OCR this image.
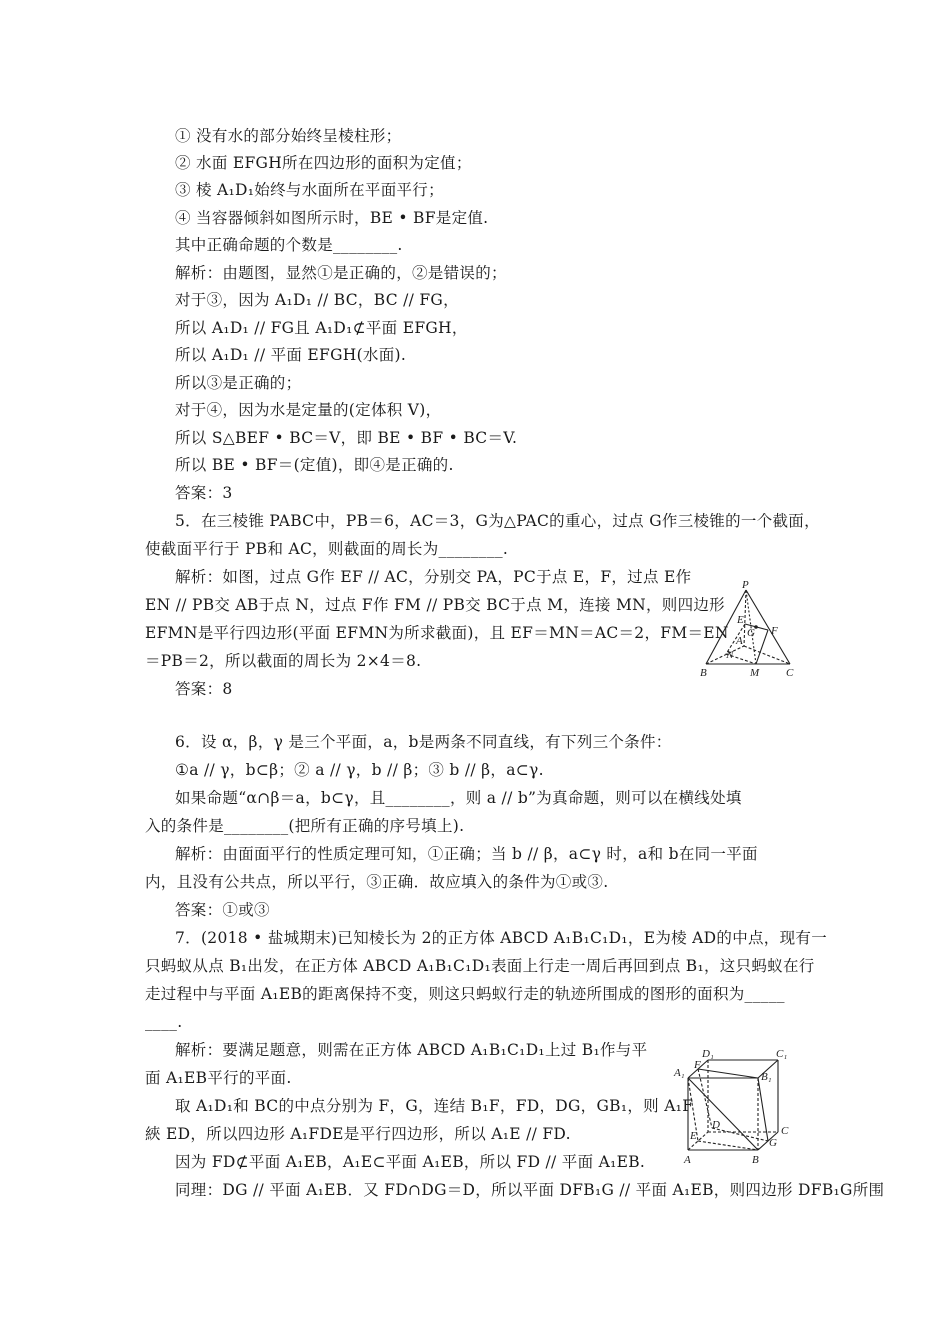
① 没有水的部分始终呈棱柱形；
② 水面 EFGH所在四边形的面积为定值；
③ 棱 A₁D₁始终与水面所在平面平行；
④ 当容器倾斜如图所示时，BE • BF是定值.
其中正确命题的个数是________.
解析：由题图，显然①是正确的，②是错误的；
对于③，因为 A₁D₁ // BC，BC // FG，
所以 A₁D₁ // FG且 A₁D₁⊄平面 EFGH，
所以 A₁D₁ // 平面 EFGH(水面).
所以③是正确的；
对于④，因为水是定量的(定体积 V)，
所以 S△BEF • BC＝V，即 BE • BF • BC＝V.
所以 BE • BF＝(定值)，即④是正确的.
答案：3
5．在三棱锥 PABC中，PB＝6，AC＝3，G为△PAC的重心，过点 G作三棱锥的一个截面，
使截面平行于 PB和 AC，则截面的周长为________.
解析：如图，过点 G作 EF // AC，分别交 PA，PC于点 E，F，过点 E作
EN // PB交 AB于点 N，过点 F作 FM // PB交 BC于点 M，连接 MN，则四边形
EFMN是平行四边形(平面 EFMN为所求截面)，且 EF＝MN＝AC＝2，FM＝EN
＝PB＝2，所以截面的周长为 2×4＝8.
答案：8
6．设 α，β，γ 是三个平面，a，b是两条不同直线，有下列三个条件：
①a // γ，b⊂β；② a // γ，b // β；③ b // β，a⊂γ.
如果命题“α∩β＝a，b⊂γ，且________，则 a // b”为真命题，则可以在横线处填
入的条件是________(把所有正确的序号填上).
解析：由面面平行的性质定理可知，①正确；当 b // β，a⊂γ 时，a和 b在同一平面
内，且没有公共点，所以平行，③正确．故应填入的条件为①或③.
答案：①或③
7．(2018 • 盐城期末)已知棱长为 2的正方体 ABCD A₁B₁C₁D₁，E为棱 AD的中点，现有一
只蚂蚁从点 B₁出发，在正方体 ABCD A₁B₁C₁D₁表面上行走一周后再回到点 B₁，这只蚂蚁在行
走过程中与平面 A₁EB的距离保持不变，则这只蚂蚁行走的轨迹所围成的图形的面积为_____
____.
解析：要满足题意，则需在正方体 ABCD A₁B₁C₁D₁上过 B₁作与平
面 A₁EB平行的平面.
取 A₁D₁和 BC的中点分别为 F，G，连结 B₁F，FD，DG，GB₁，则 A₁F
綊 ED，所以四边形 A₁FDE是平行四边形，所以 A₁E // FD.
因为 FD⊄平面 A₁EB，A₁E⊂平面 A₁EB，所以 FD // 平面 A₁EB.
同理：DG // 平面 A₁EB．又 FD∩DG＝D，所以平面 DFB₁G // 平面 A₁EB，则四边形 DFB₁G所围
P
E
G F
A
N
B	M C
D₁	C₁
A₁
F
B₁
D
E	C
G
A	B
